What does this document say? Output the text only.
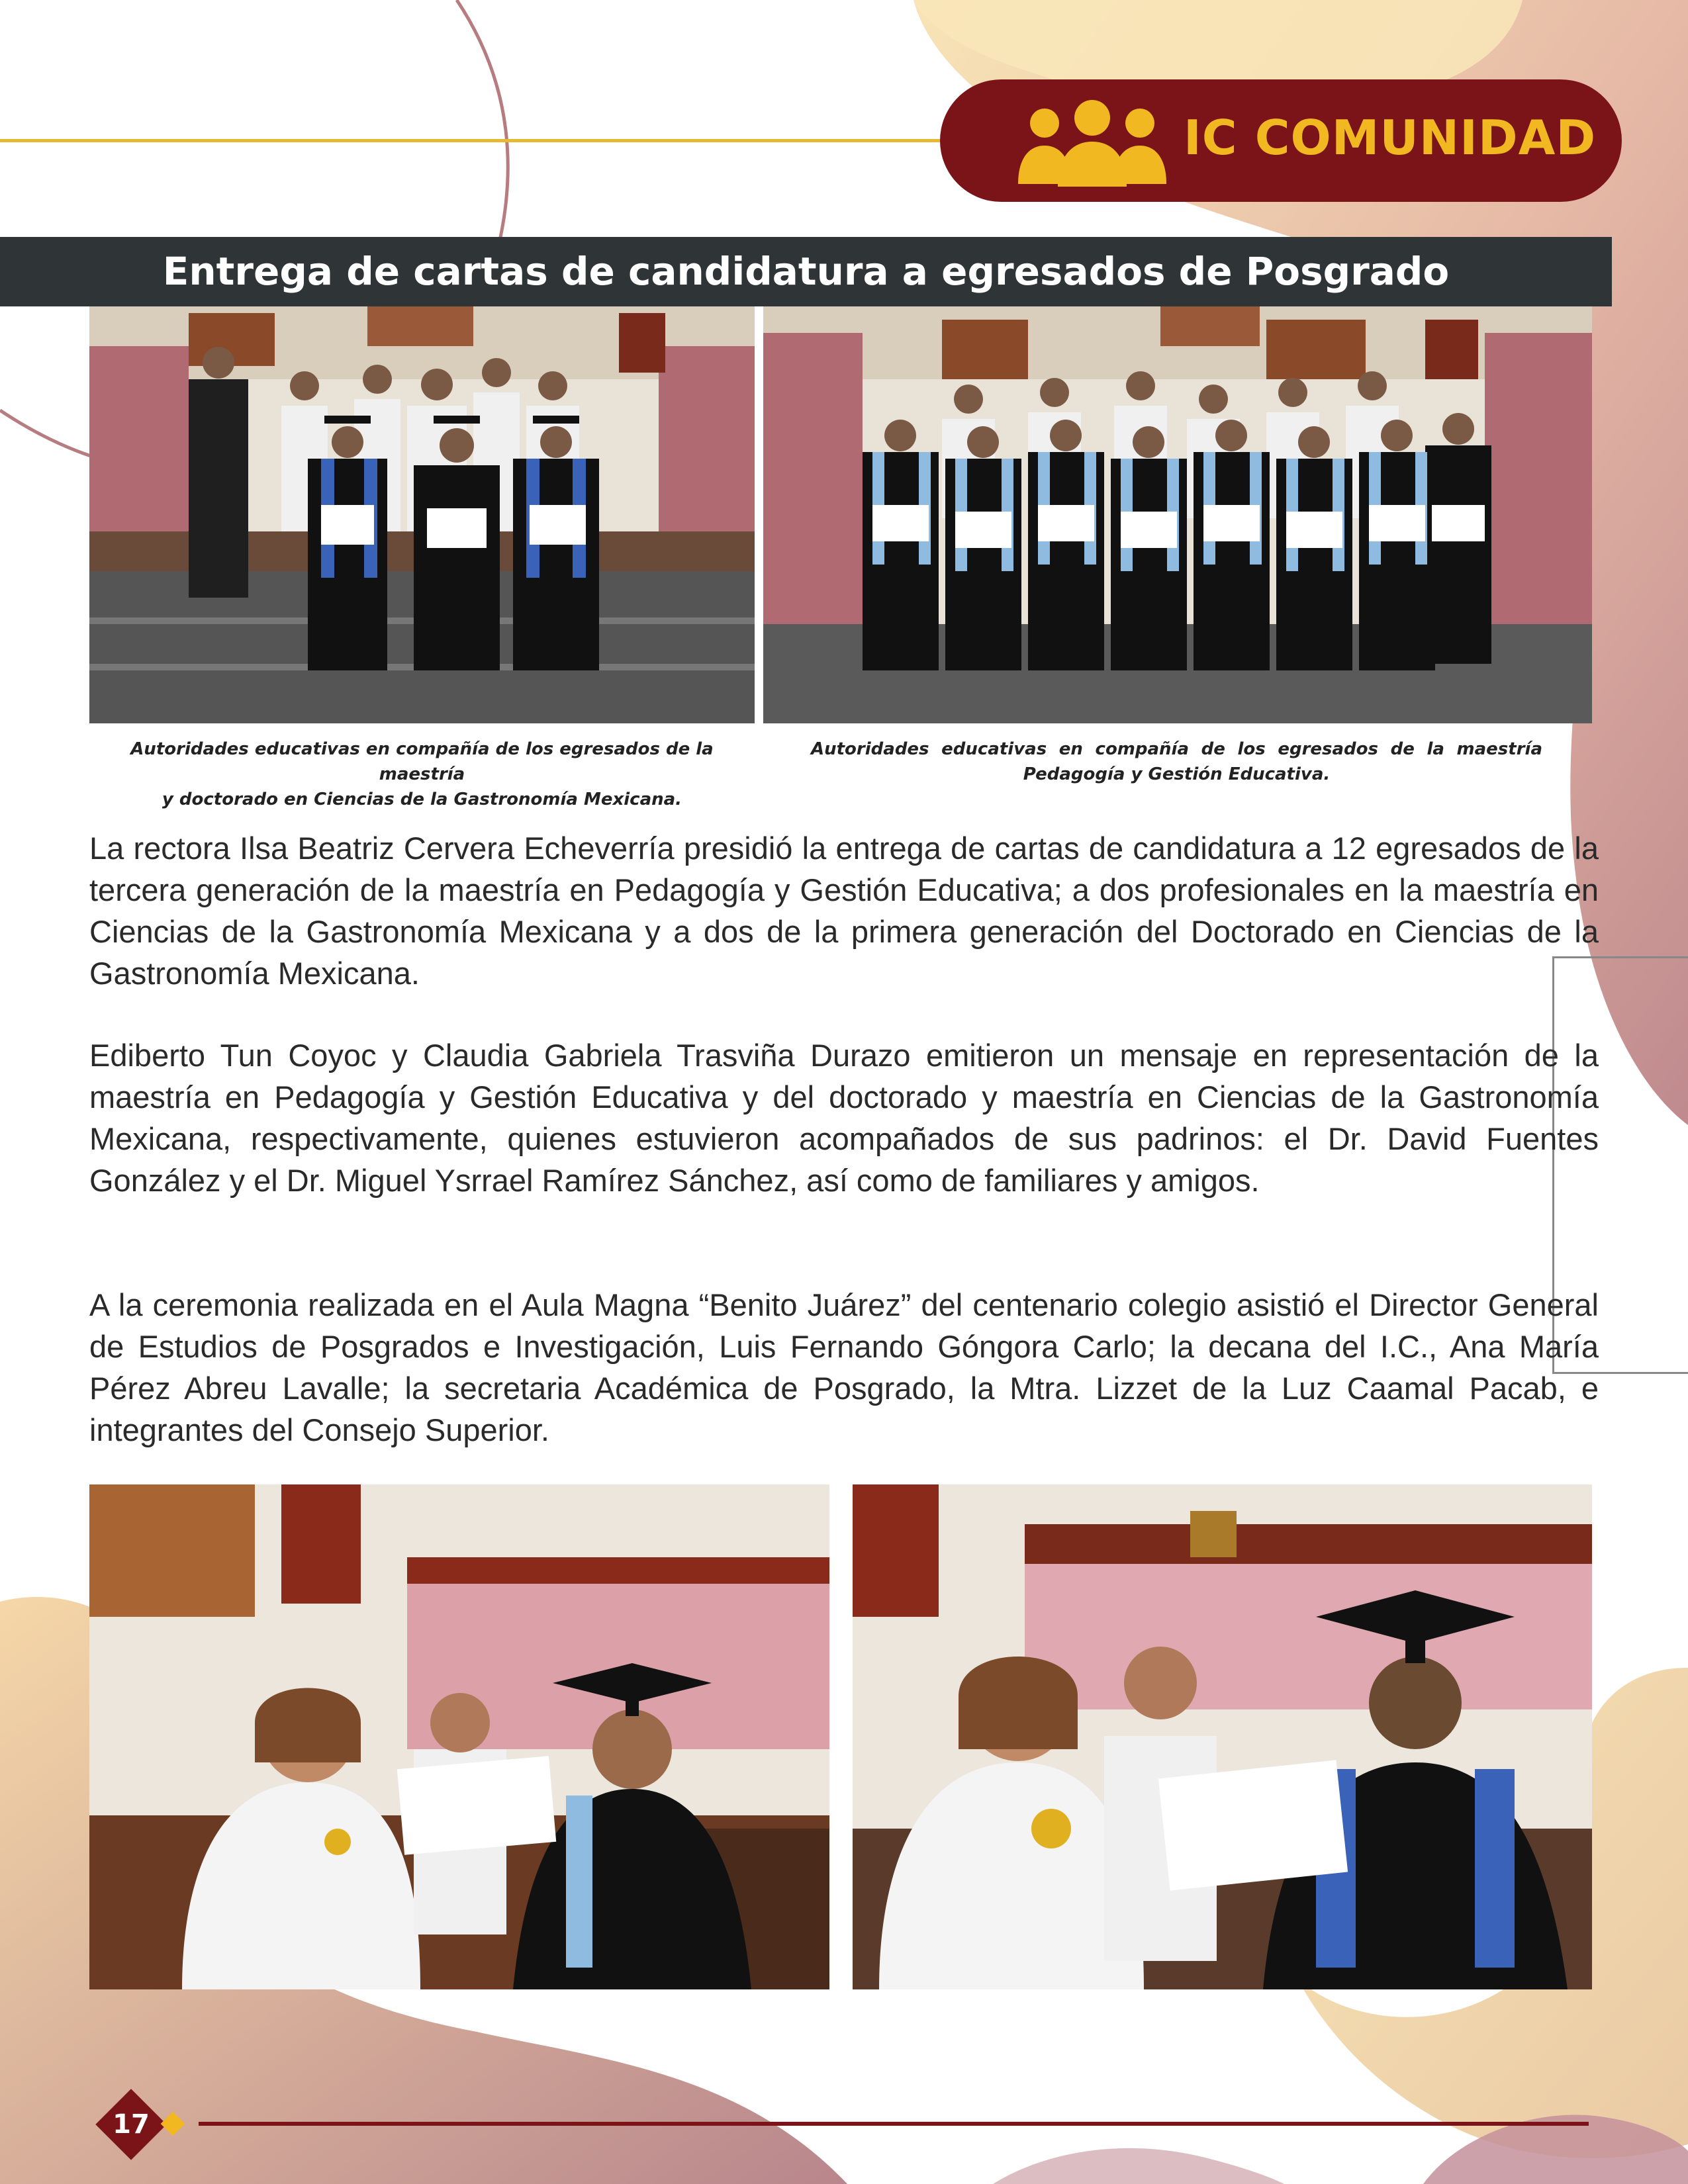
IC COMUNIDAD
Entrega de cartas de candidatura a egresados de Posgrado
Autoridades educativas en compañía de los egresados de la maestría
y doctorado en Ciencias de la Gastronomía Mexicana.
Autoridades educativas en compañía de los egresados de la maestría
Pedagogía y Gestión Educativa.
La rectora Ilsa Beatriz Cervera Echeverría presidió la entrega de cartas de candidatura a 12 egresados de la tercera generación de la maestría en Pedagogía y Gestión Educativa; a dos profesionales en la maestría en Ciencias de la Gastronomía Mexicana y a dos de la primera generación del Doctorado en Ciencias de la Gastronomía Mexicana.
Ediberto Tun Coyoc y Claudia Gabriela Trasviña Durazo emitieron un mensaje en representación de la maestría en Pedagogía y Gestión Educativa y del doctorado y maestría en Ciencias de la Gastronomía Mexicana, respectivamente, quienes estuvieron acompañados de sus padrinos: el Dr. David Fuentes González y el Dr. Miguel Ysrrael Ramírez Sánchez, así como de familiares y amigos.
A la ceremonia realizada en el Aula Magna “Benito Juárez” del centenario colegio asistió el Director General de Estudios de Posgrados e Investigación, Luis Fernando Góngora Carlo; la decana del I.C., Ana María Pérez Abreu Lavalle; la secretaria Académica de Posgrado, la Mtra. Lizzet de la Luz Caamal Pacab, e integrantes del Consejo Superior.
17
